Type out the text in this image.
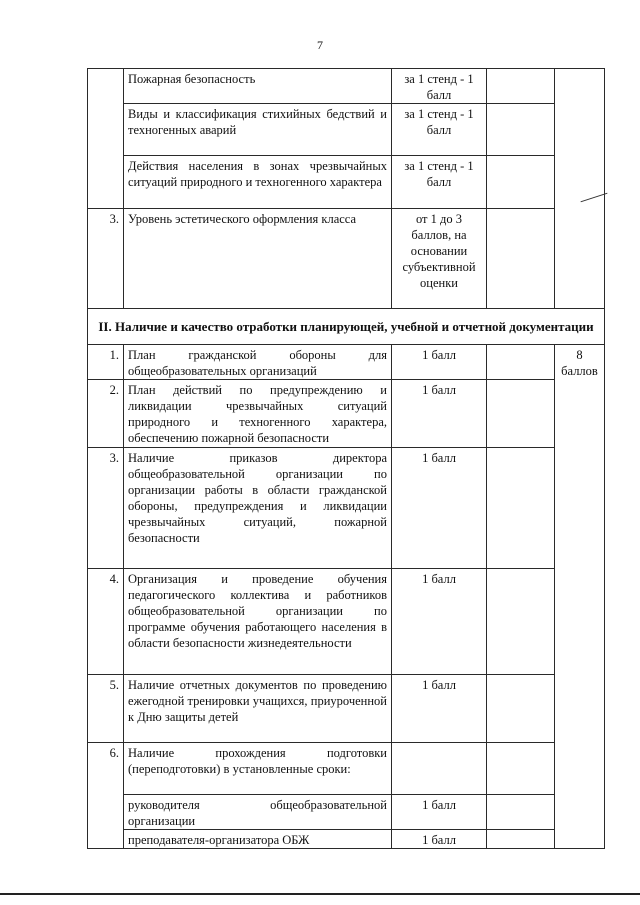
7
	Пожарная безопасность	за 1 стенд - 1 балл		
	Виды и классификация стихийных бедствий и техногенных аварий	за 1 стенд - 1 балл		
	Действия населения в зонах чрезвычайных ситуаций природного и техногенного характера	за 1 стенд - 1 балл		
3.	Уровень эстетического оформления класса	от 1 до 3 баллов, на основании субъективной оценки		
II. Наличие и качество отработки планирующей, учебной и отчетной документации				
1.	План гражданской обороны для общеобразовательных организаций	1 балл		8 баллов
2.	План действий по предупреждению и ликвидации чрезвычайных ситуаций природного и техногенного характера, обеспечению пожарной безопасности	1 балл		
3.	Наличие приказов директора общеобразовательной организации по организации работы в области гражданской обороны, предупреждения и ликвидации чрезвычайных ситуаций, пожарной безопасности	1 балл		
4.	Организация и проведение обучения педагогического коллектива и работников общеобразовательной организации по программе обучения работающего населения в области безопасности жизнедеятельности	1 балл		
5.	Наличие отчетных документов по проведению ежегодной тренировки учащихся, приуроченной к Дню защиты детей	1 балл		
6.	Наличие прохождения подготовки (переподготовки) в установленные сроки:			
	руководителя общеобразовательной организации	1 балл		
	преподавателя-организатора ОБЖ	1 балл		
